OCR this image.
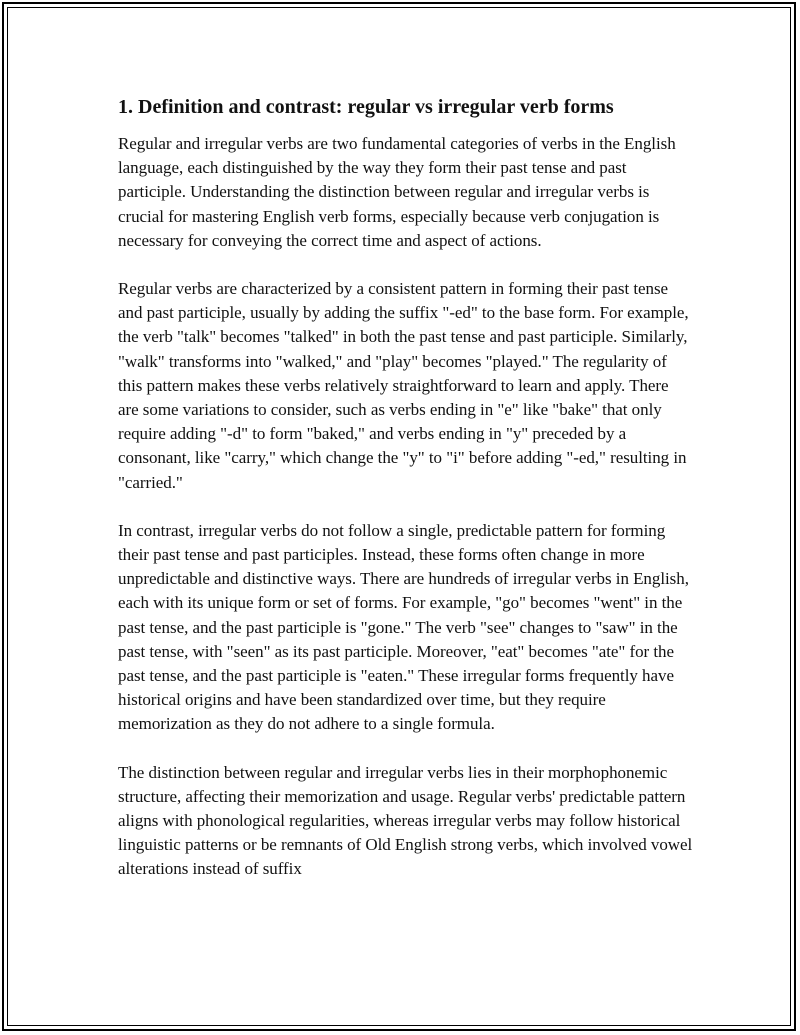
1. Definition and contrast: regular vs irregular verb forms

Regular and irregular verbs are two fundamental categories of verbs in the English language, each distinguished by the way they form their past tense and past participle. Understanding the distinction between regular and irregular verbs is crucial for mastering English verb forms, especially because verb conjugation is necessary for conveying the correct time and aspect of actions.

Regular verbs are characterized by a consistent pattern in forming their past tense and past participle, usually by adding the suffix "-ed" to the base form. For example, the verb "talk" becomes "talked" in both the past tense and past participle. Similarly, "walk" transforms into "walked," and "play" becomes "played." The regularity of this pattern makes these verbs relatively straightforward to learn and apply. There are some variations to consider, such as verbs ending in "e" like "bake" that only require adding "-d" to form "baked," and verbs ending in "y" preceded by a consonant, like "carry," which change the "y" to "i" before adding "-ed," resulting in "carried."

In contrast, irregular verbs do not follow a single, predictable pattern for forming their past tense and past participles. Instead, these forms often change in more unpredictable and distinctive ways. There are hundreds of irregular verbs in English, each with its unique form or set of forms. For example, "go" becomes "went" in the past tense, and the past participle is "gone." The verb "see" changes to "saw" in the past tense, with "seen" as its past participle. Moreover, "eat" becomes "ate" for the past tense, and the past participle is "eaten." These irregular forms frequently have historical origins and have been standardized over time, but they require memorization as they do not adhere to a single formula.

The distinction between regular and irregular verbs lies in their morphophonemic structure, affecting their memorization and usage. Regular verbs' predictable pattern aligns with phonological regularities, whereas irregular verbs may follow historical linguistic patterns or be remnants of Old English strong verbs, which involved vowel alterations instead of suffix
